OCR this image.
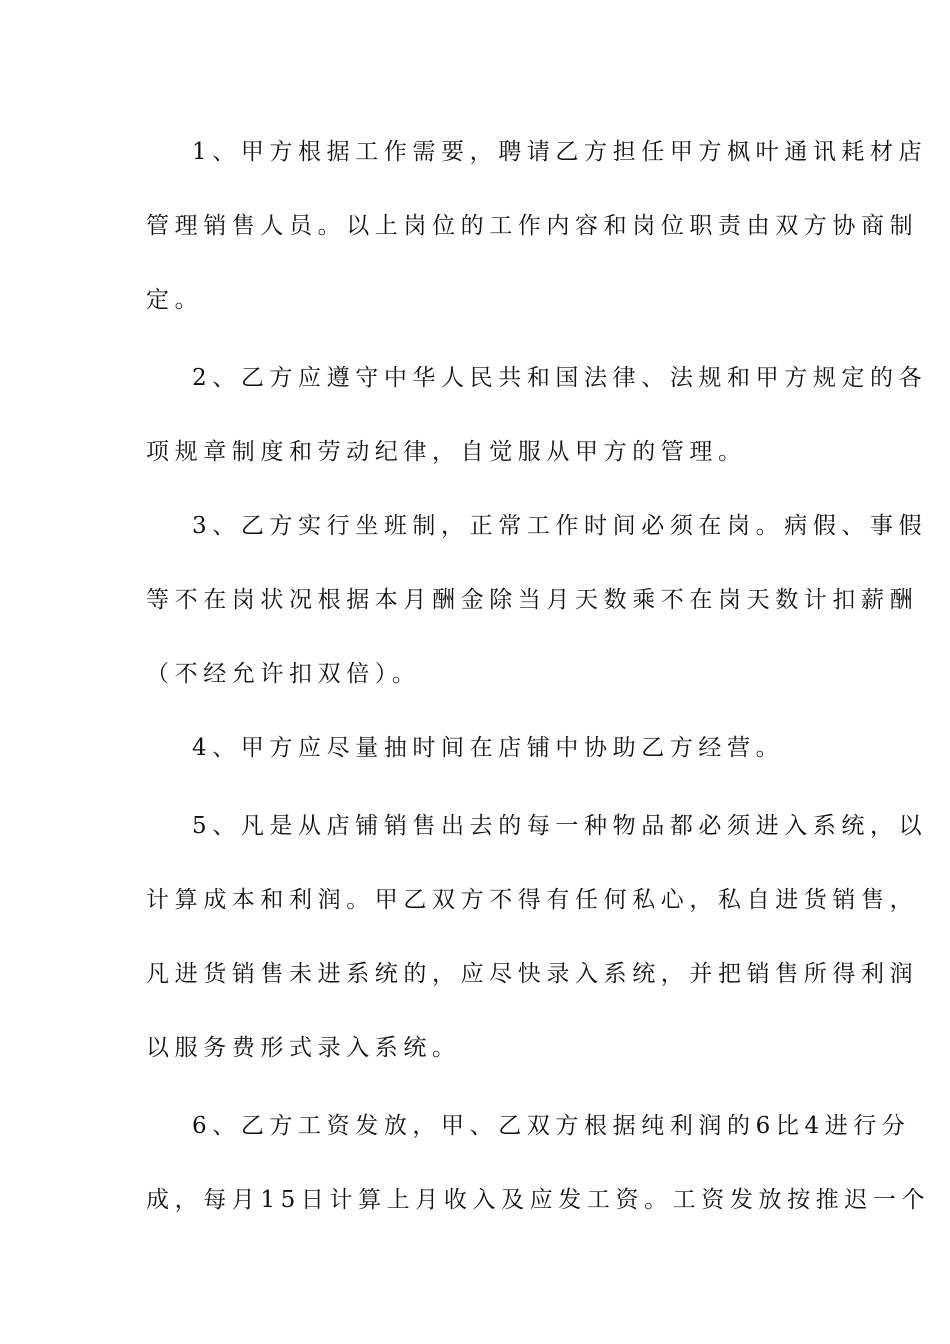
1、甲方根据工作需要，聘请乙方担任甲方枫叶通讯耗材店
管理销售人员。以上岗位的工作内容和岗位职责由双方协商制
定。
2、乙方应遵守中华人民共和国法律、法规和甲方规定的各
项规章制度和劳动纪律，自觉服从甲方的管理。
3、乙方实行坐班制，正常工作时间必须在岗。病假、事假
等不在岗状况根据本月酬金除当月天数乘不在岗天数计扣薪酬
（不经允许扣双倍）。
4、甲方应尽量抽时间在店铺中协助乙方经营。
5、凡是从店铺销售出去的每一种物品都必须进入系统，以
计算成本和利润。甲乙双方不得有任何私心，私自进货销售，
凡进货销售未进系统的，应尽快录入系统，并把销售所得利润
以服务费形式录入系统。
6、乙方工资发放，甲、乙双方根据纯利润的6比4进行分
成，每月15日计算上月收入及应发工资。工资发放按推迟一个
